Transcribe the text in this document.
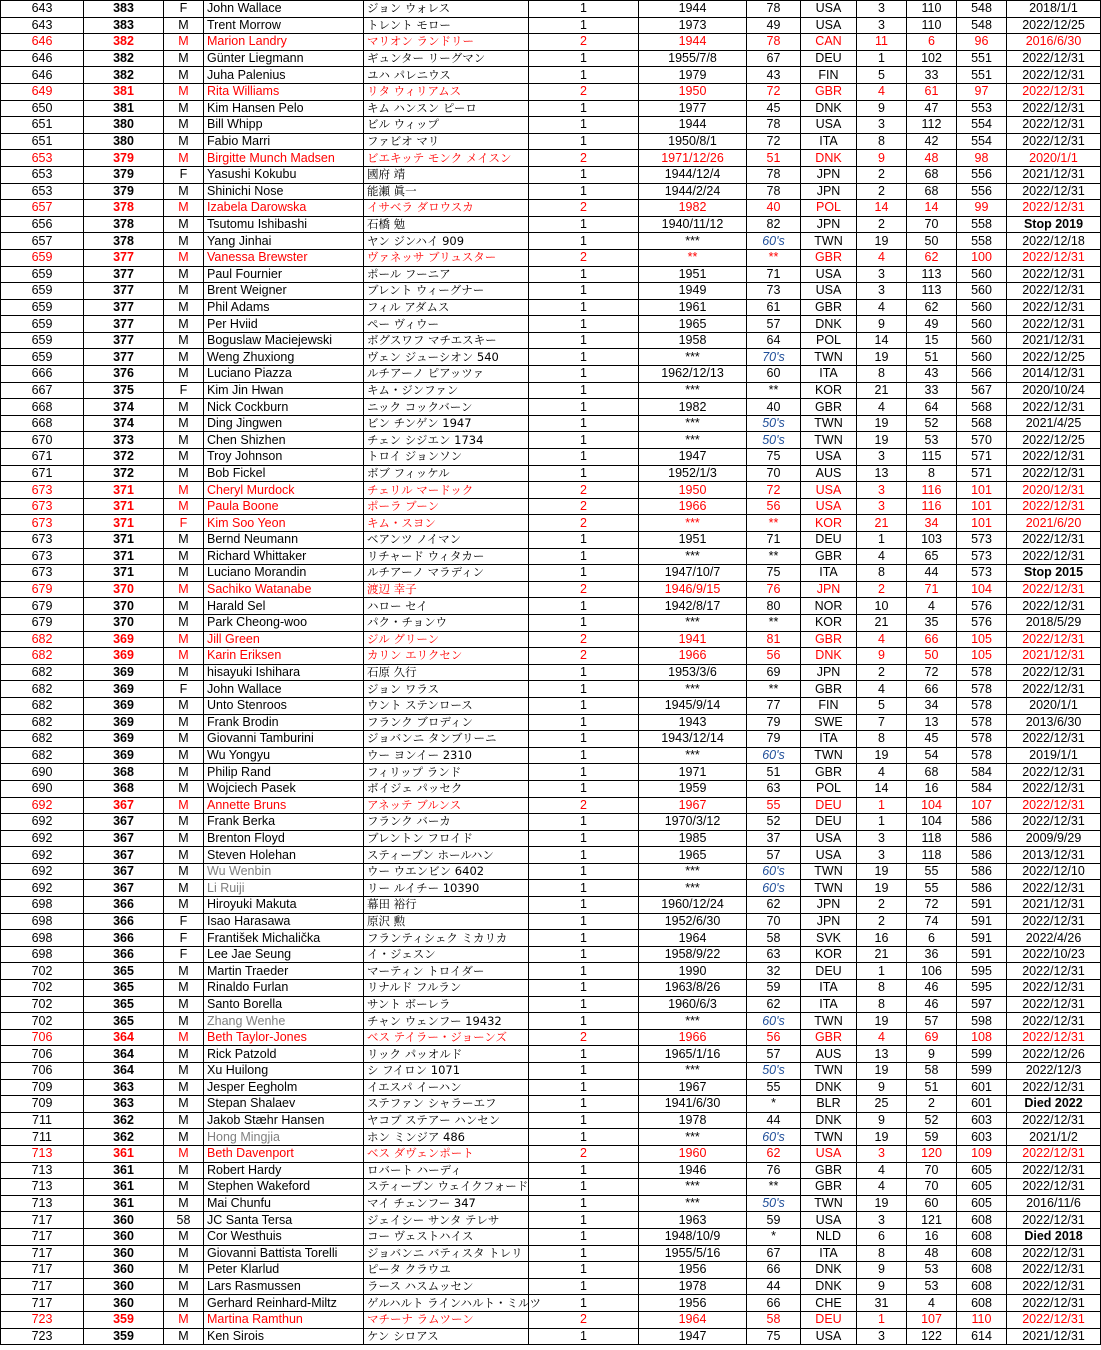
643	383	F	John Wallace	ジョン ウォレス	1	1944	78	USA	3	110	548	2018/1/1
643	383	M	Trent Morrow	トレント モロー	1	1973	49	USA	3	110	548	2022/12/25
646	382	M	Marion Landry	マリオン ランドリー	2	1944	78	CAN	11	6	96	2016/6/30
646	382	M	Günter Liegmann	ギュンター リーグマン	1	1955/7/8	67	DEU	1	102	551	2022/12/31
646	382	M	Juha Palenius	ユハ パレニウス	1	1979	43	FIN	5	33	551	2022/12/31
649	381	M	Rita Williams	リタ ウィリアムス	2	1950	72	GBR	4	61	97	2022/12/31
650	381	M	Kim Hansen Pelo	キム ハンスン ピーロ	1	1977	45	DNK	9	47	553	2022/12/31
651	380	M	Bill Whipp	ビル ウィップ	1	1944	78	USA	3	112	554	2022/12/31
651	380	M	Fabio Marri	ファビオ マリ	1	1950/8/1	72	ITA	8	42	554	2022/12/31
653	379	M	Birgitte Munch Madsen	ビエキッテ モンク メイスン	2	1971/12/26	51	DNK	9	48	98	2020/1/1
653	379	F	Yasushi Kokubu	國府 靖	1	1944/12/4	78	JPN	2	68	556	2021/12/31
653	379	M	Shinichi Nose	能瀬 眞一	1	1944/2/24	78	JPN	2	68	556	2022/12/31
657	378	M	Izabela Darowska	イサベラ ダロウスカ	2	1982	40	POL	14	14	99	2022/12/31
656	378	M	Tsutomu Ishibashi	石橋 勉	1	1940/11/12	82	JPN	2	70	558	Stop 2019
657	378	M	Yang Jinhai	ヤン ジンハイ 909	1	***	60's	TWN	19	50	558	2022/12/18
659	377	M	Vanessa Brewster	ヴァネッサ ブリュスター	2	**	**	GBR	4	62	100	2022/12/31
659	377	M	Paul Fournier	ポール フーニア	1	1951	71	USA	3	113	560	2022/12/31
659	377	M	Brent Weigner	ブレント ウィーグナー	1	1949	73	USA	3	113	560	2022/12/31
659	377	M	Phil Adams	フィル アダムス	1	1961	61	GBR	4	62	560	2022/12/31
659	377	M	Per Hviid	ペー ヴィウー	1	1965	57	DNK	9	49	560	2022/12/31
659	377	M	Boguslaw Maciejewski	ボグスワフ マチエスキー	1	1958	64	POL	14	15	560	2021/12/31
659	377	M	Weng Zhuxiong	ヴェン ジューシオン 540	1	***	70's	TWN	19	51	560	2022/12/25
666	376	M	Luciano Piazza	ルチアーノ ピアッツァ	1	1962/12/13	60	ITA	8	43	566	2014/12/31
667	375	F	Kim Jin Hwan	キム・ジンファン	1	***	**	KOR	21	33	567	2020/10/24
668	374	M	Nick Cockburn	ニック コックバーン	1	1982	40	GBR	4	64	568	2022/12/31
668	374	M	Ding Jingwen	ビン チンゲン 1947	1	***	50's	TWN	19	52	568	2021/4/25
670	373	M	Chen Shizhen	チェン シジエン 1734	1	***	50's	TWN	19	53	570	2022/12/25
671	372	M	Troy Johnson	トロイ ジョンソン	1	1947	75	USA	3	115	571	2022/12/31
671	372	M	Bob Fickel	ボブ フィッケル	1	1952/1/3	70	AUS	13	8	571	2022/12/31
673	371	M	Cheryl Murdock	チェリル マードック	2	1950	72	USA	3	116	101	2020/12/31
673	371	M	Paula Boone	ポーラ ブーン	2	1966	56	USA	3	116	101	2022/12/31
673	371	F	Kim Soo Yeon	キム・スヨン	2	***	**	KOR	21	34	101	2021/6/20
673	371	M	Bernd Neumann	ベアンツ ノイマン	1	1951	71	DEU	1	103	573	2022/12/31
673	371	M	Richard Whittaker	リチャード ウィタカー	1	***	**	GBR	4	65	573	2022/12/31
673	371	M	Luciano Morandin	ルチアーノ マラディン	1	1947/10/7	75	ITA	8	44	573	Stop 2015
679	370	M	Sachiko Watanabe	渡辺 幸子	2	1946/9/15	76	JPN	2	71	104	2022/12/31
679	370	M	Harald Sel	ハロー セイ	1	1942/8/17	80	NOR	10	4	576	2022/12/31
679	370	M	Park Cheong-woo	パク・チョンウ	1	***	**	KOR	21	35	576	2018/5/29
682	369	M	Jill Green	ジル グリーン	2	1941	81	GBR	4	66	105	2022/12/31
682	369	M	Karin Eriksen	カリン エリクセン	2	1966	56	DNK	9	50	105	2021/12/31
682	369	M	hisayuki Ishihara	石原 久行	1	1953/3/6	69	JPN	2	72	578	2022/12/31
682	369	F	John Wallace	ジョン ワラス	1	***	**	GBR	4	66	578	2022/12/31
682	369	M	Unto Stenroos	ウント ステンロース	1	1945/9/14	77	FIN	5	34	578	2020/1/1
682	369	M	Frank Brodin	フランク ブロディン	1	1943	79	SWE	7	13	578	2013/6/30
682	369	M	Giovanni Tamburini	ジョバンニ タンブリーニ	1	1943/12/14	79	ITA	8	45	578	2022/12/31
682	369	M	Wu Yongyu	ウー ヨンイー 2310	1	***	60's	TWN	19	54	578	2019/1/1
690	368	M	Philip Rand	フィリップ ランド	1	1971	51	GBR	4	68	584	2022/12/31
690	368	M	Wojciech Pasek	ボイジェ パッセク	1	1959	63	POL	14	16	584	2022/12/31
692	367	M	Annette Bruns	アネッテ ブルンス	2	1967	55	DEU	1	104	107	2022/12/31
692	367	M	Frank Berka	フランク バーカ	1	1970/3/12	52	DEU	1	104	586	2022/12/31
692	367	M	Brenton Floyd	ブレントン フロイド	1	1985	37	USA	3	118	586	2009/9/29
692	367	M	Steven Holehan	スティーブン ホールハン	1	1965	57	USA	3	118	586	2013/12/31
692	367	M	Wu Wenbin	ウー ウエンビン 6402	1	***	60's	TWN	19	55	586	2022/12/10
692	367	M	Li Ruiji	リー ルイチー 10390	1	***	60's	TWN	19	55	586	2022/12/31
698	366	M	Hiroyuki Makuta	幕田 裕行	1	1960/12/24	62	JPN	2	72	591	2021/12/31
698	366	F	Isao Harasawa	原沢 勲	1	1952/6/30	70	JPN	2	74	591	2022/12/31
698	366	F	František Michalička	フランティシェク ミカリカ	1	1964	58	SVK	16	6	591	2022/4/26
698	366	F	Lee Jae Seung	イ・ジェスン	1	1958/9/22	63	KOR	21	36	591	2022/10/23
702	365	M	Martin Traeder	マーティン トロイダー	1	1990	32	DEU	1	106	595	2022/12/31
702	365	M	Rinaldo Furlan	リナルド フルラン	1	1963/8/26	59	ITA	8	46	595	2022/12/31
702	365	M	Santo Borella	サント ボーレラ	1	1960/6/3	62	ITA	8	46	597	2022/12/31
702	365	M	Zhang Wenhe	チャン ウェンフー 19432	1	***	60's	TWN	19	57	598	2022/12/31
706	364	M	Beth Taylor-Jones	ベス テイラー・ジョーンズ	2	1966	56	GBR	4	69	108	2022/12/31
706	364	M	Rick Patzold	リック パッオルド	1	1965/1/16	57	AUS	13	9	599	2022/12/26
706	364	M	Xu Huilong	シ フイロン 1071	1	***	50's	TWN	19	58	599	2022/12/3
709	363	M	Jesper Eegholm	イエスパ イーハン	1	1967	55	DNK	9	51	601	2022/12/31
709	363	M	Stepan Shalaev	ステファン シャラーエフ	1	1941/6/30	*	BLR	25	2	601	Died 2022
711	362	M	Jakob Stæhr Hansen	ヤコブ ステアー ハンセン	1	1978	44	DNK	9	52	603	2022/12/31
711	362	M	Hong Mingjia	ホン ミンジア 486	1	***	60's	TWN	19	59	603	2021/1/2
713	361	M	Beth Davenport	ベス ダヴェンポート	2	1960	62	USA	3	120	109	2022/12/31
713	361	M	Robert Hardy	ロバート ハーディ	1	1946	76	GBR	4	70	605	2022/12/31
713	361	M	Stephen Wakeford	スティーブン ウェイクフォード	1	***	**	GBR	4	70	605	2022/12/31
713	361	M	Mai Chunfu	マイ チェンフー 347	1	***	50's	TWN	19	60	605	2016/11/6
717	360	58	JC Santa Tersa	ジェイシー サンタ テレサ	1	1963	59	USA	3	121	608	2022/12/31
717	360	M	Cor Westhuis	コー ヴェストハイス	1	1948/10/9	*	NLD	6	16	608	Died 2018
717	360	M	Giovanni Battista Torelli	ジョバンニ バティスタ トレリ	1	1955/5/16	67	ITA	8	48	608	2022/12/31
717	360	M	Peter Klarlud	ピータ クラウユ	1	1956	66	DNK	9	53	608	2022/12/31
717	360	M	Lars Rasmussen	ラース ハスムッセン	1	1978	44	DNK	9	53	608	2022/12/31
717	360	M	Gerhard Reinhard-Miltz	ゲルハルト ラインハルト・ミルツ	1	1956	66	CHE	31	4	608	2022/12/31
723	359	M	Martina Ramthun	マチーナ ラムツーン	2	1964	58	DEU	1	107	110	2022/12/31
723	359	M	Ken Sirois	ケン シロアス	1	1947	75	USA	3	122	614	2021/12/31
